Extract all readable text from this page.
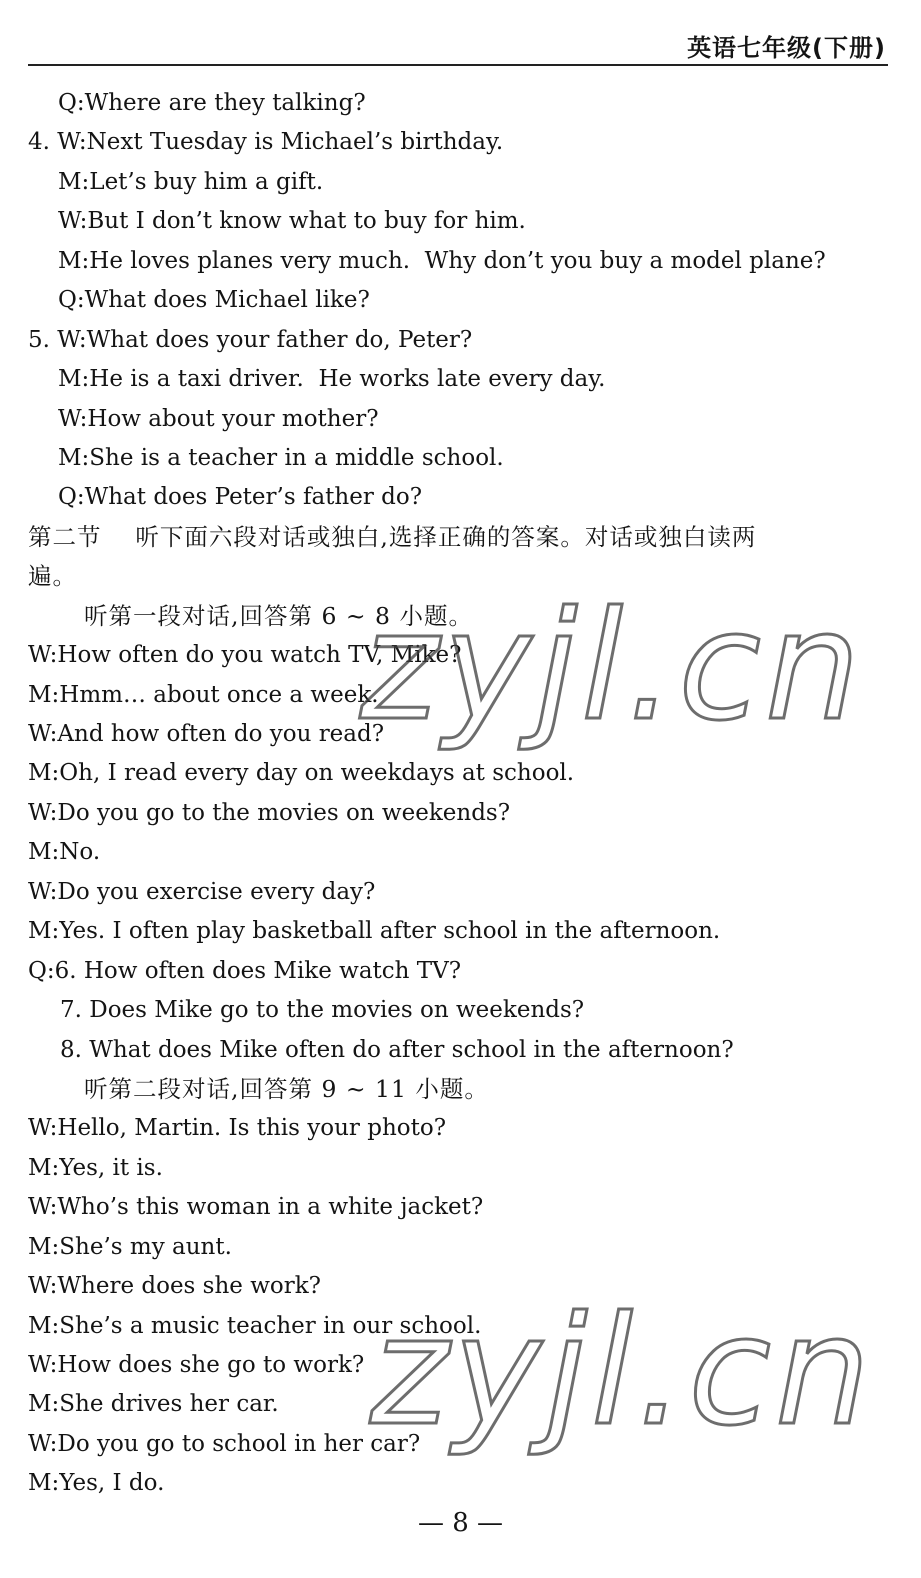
英语七年级(下册)
Q:Where are they talking?
4. W:Next Tuesday is Michael’s birthday.
M:Let’s buy him a gift.
W:But I don’t know what to buy for him.
M:He loves planes very much.  Why don’t you buy a model plane?
Q:What does Michael like?
5. W:What does your father do, Peter?
M:He is a taxi driver.  He works late every day.
W:How about your mother?
M:She is a teacher in a middle school.
Q:What does Peter’s father do?
第二节    听下面六段对话或独白,选择正确的答案。对话或独白读两
遍。
听第一段对话,回答第 6 ~ 8 小题。
W:How often do you watch TV, Mike?
M:Hmm… about once a week.
W:And how often do you read?
M:Oh, I read every day on weekdays at school.
W:Do you go to the movies on weekends?
M:No.
W:Do you exercise every day?
M:Yes. I often play basketball after school in the afternoon.
Q:6. How often does Mike watch TV?
7. Does Mike go to the movies on weekends?
8. What does Mike often do after school in the afternoon?
听第二段对话,回答第 9 ~ 11 小题。
W:Hello, Martin. Is this your photo?
M:Yes, it is.
W:Who’s this woman in a white jacket?
M:She’s my aunt.
W:Where does she work?
M:She’s a music teacher in our school.
W:How does she go to work?
M:She drives her car.
W:Do you go to school in her car?
M:Yes, I do.
— 8 —
zyjl.cn
zyjl.cn
